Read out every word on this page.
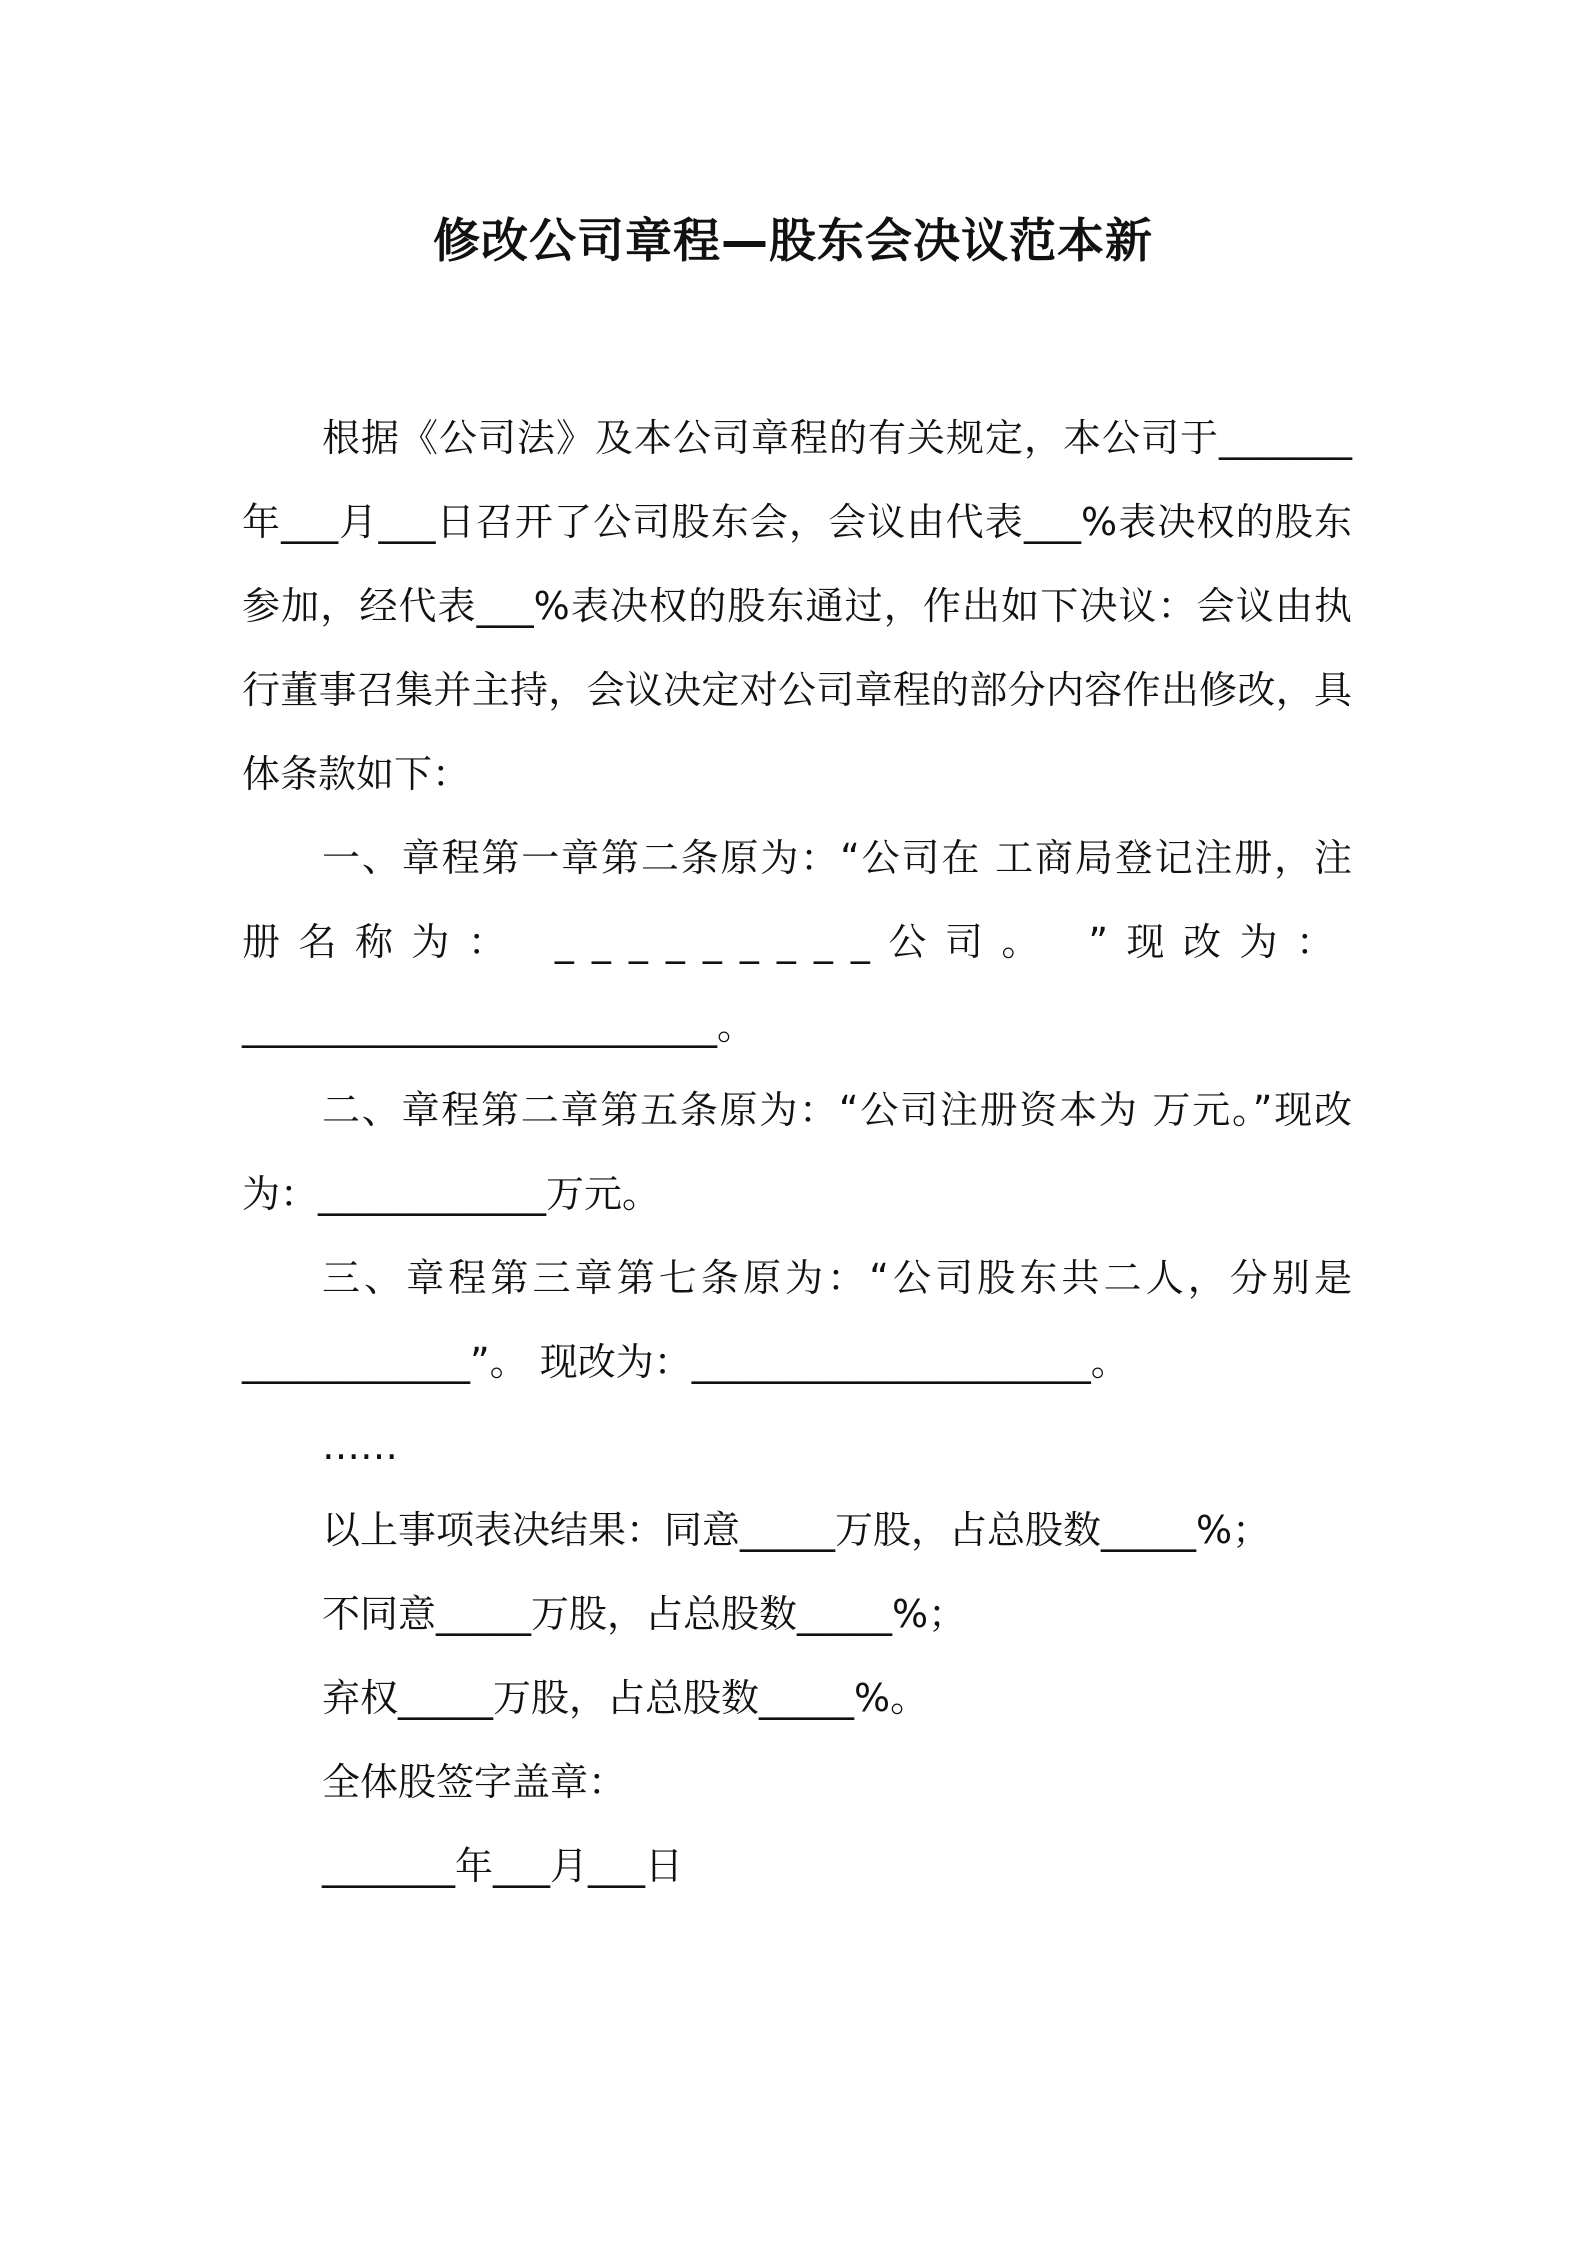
修改公司章程—股东会决议范本新

根据《公司法》及本公司章程的有关规定，本公司于_______年___月___日召开了公司股东会，会议由代表___%表决权的股东参加，经代表___%表决权的股东通过，作出如下决议：会议由执行董事召集并主持，会议决定对公司章程的部分内容作出修改，具体条款如下：

一、章程第一章第二条原为：“公司在 工商局登记注册，注

册名称为： _________公司。 ”现改为：

_________________________。

二、章程第二章第五条原为：“公司注册资本为 万元。”现改为：____________万元。

三、章程第三章第七条原为：“公司股东共二人，分别是

____________”。 现改为：_____________________。

……

以上事项表决结果：同意_____万股，占总股数_____%；

不同意_____万股，占总股数_____%；

弃权_____万股，占总股数_____%。

全体股签字盖章：

_______年___月___日
